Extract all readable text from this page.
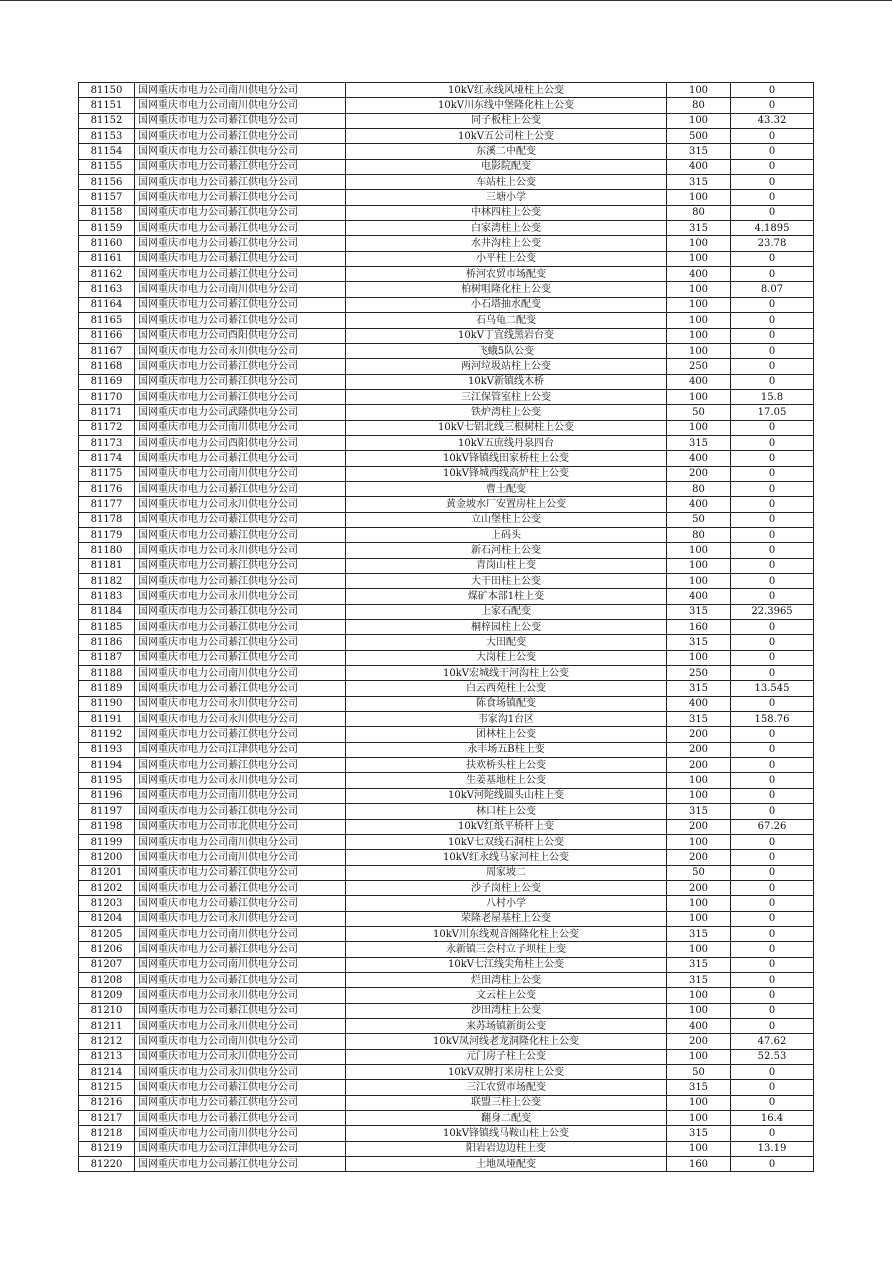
81150	国网重庆市电力公司南川供电分公司	10kV红永线风垭柱上公变	100	0
81151	国网重庆市电力公司南川供电分公司	10kV川东线中堡隆化柱上公变	80	0
81152	国网重庆市电力公司綦江供电分公司	同子板柱上公变	100	43.32
81153	国网重庆市电力公司綦江供电分公司	10kV五公司柱上公变	500	0
81154	国网重庆市电力公司綦江供电分公司	东溪二中配变	315	0
81155	国网重庆市电力公司綦江供电分公司	电影院配变	400	0
81156	国网重庆市电力公司綦江供电分公司	车站柱上公变	315	0
81157	国网重庆市电力公司綦江供电分公司	三塘小学	100	0
81158	国网重庆市电力公司綦江供电分公司	中林四柱上公变	80	0
81159	国网重庆市电力公司綦江供电分公司	白家湾柱上公变	315	4.1895
81160	国网重庆市电力公司綦江供电分公司	水井沟柱上公变	100	23.78
81161	国网重庆市电力公司綦江供电分公司	小平柱上公变	100	0
81162	国网重庆市电力公司綦江供电分公司	桥河农贸市场配变	400	0
81163	国网重庆市电力公司南川供电分公司	柏树咀隆化柱上公变	100	8.07
81164	国网重庆市电力公司綦江供电分公司	小石塔抽水配变	100	0
81165	国网重庆市电力公司綦江供电分公司	石乌龟二配变	100	0
81166	国网重庆市电力公司酉阳供电分公司	10kV丁宜线黑岩台变	100	0
81167	国网重庆市电力公司永川供电分公司	飞蛾5队公变	100	0
81168	国网重庆市电力公司綦江供电分公司	两河垃圾站柱上公变	250	0
81169	国网重庆市电力公司綦江供电分公司	10kV新镇线木桥	400	0
81170	国网重庆市电力公司綦江供电分公司	三江保管室柱上公变	100	15.8
81171	国网重庆市电力公司武隆供电分公司	铁炉湾柱上公变	50	17.05
81172	国网重庆市电力公司南川供电分公司	10kV七铝北线三根树柱上公变	100	0
81173	国网重庆市电力公司酉阳供电分公司	10kV五庶线丹泉四台	315	0
81174	国网重庆市电力公司綦江供电分公司	10kV锋镇线田家桥柱上公变	400	0
81175	国网重庆市电力公司南川供电分公司	10kV锋城西线高炉柱上公变	200	0
81176	国网重庆市电力公司綦江供电分公司	曹土配变	80	0
81177	国网重庆市电力公司永川供电分公司	黄金坡水厂安置房柱上公变	400	0
81178	国网重庆市电力公司綦江供电分公司	立山堡柱上公变	50	0
81179	国网重庆市电力公司綦江供电分公司	上码头	80	0
81180	国网重庆市电力公司永川供电分公司	新石河柱上公变	100	0
81181	国网重庆市电力公司綦江供电分公司	青岗山柱上变	100	0
81182	国网重庆市电力公司綦江供电分公司	大干田柱上公变	100	0
81183	国网重庆市电力公司永川供电分公司	煤矿本部1柱上变	400	0
81184	国网重庆市电力公司綦江供电分公司	上家石配变	315	22.3965
81185	国网重庆市电力公司綦江供电分公司	桐梓园柱上公变	160	0
81186	国网重庆市电力公司綦江供电分公司	大田配变	315	0
81187	国网重庆市电力公司綦江供电分公司	大岗柱上公变	100	0
81188	国网重庆市电力公司南川供电分公司	10kV宏城线干河沟柱上公变	250	0
81189	国网重庆市电力公司綦江供电分公司	白云西苑柱上公变	315	13.545
81190	国网重庆市电力公司永川供电分公司	陈食场镇配变	400	0
81191	国网重庆市电力公司永川供电分公司	韦家沟1台区	315	158.76
81192	国网重庆市电力公司綦江供电分公司	团林柱上公变	200	0
81193	国网重庆市电力公司江津供电分公司	永丰场五B柱上变	200	0
81194	国网重庆市电力公司綦江供电分公司	扶欢桥头柱上公变	200	0
81195	国网重庆市电力公司永川供电分公司	生姜基地柱上公变	100	0
81196	国网重庆市电力公司南川供电分公司	10kV河陀线圆头山柱上变	100	0
81197	国网重庆市电力公司綦江供电分公司	林口柱上公变	315	0
81198	国网重庆市电力公司市北供电分公司	10kV红纸平桥杆上变	200	67.26
81199	国网重庆市电力公司南川供电分公司	10kV七双线石洞柱上公变	100	0
81200	国网重庆市电力公司南川供电分公司	10kV红永线马家河柱上公变	200	0
81201	国网重庆市电力公司綦江供电分公司	周家坡二	50	0
81202	国网重庆市电力公司綦江供电分公司	沙子岗柱上公变	200	0
81203	国网重庆市电力公司綦江供电分公司	八村小学	100	0
81204	国网重庆市电力公司永川供电分公司	荣隆老屋基柱上公变	100	0
81205	国网重庆市电力公司南川供电分公司	10kV川东线观音阁隆化柱上公变	315	0
81206	国网重庆市电力公司綦江供电分公司	永新镇三会村立子坝柱上变	100	0
81207	国网重庆市电力公司南川供电分公司	10kV七江线尖角柱上公变	315	0
81208	国网重庆市电力公司綦江供电分公司	烂田湾柱上公变	315	0
81209	国网重庆市电力公司永川供电分公司	文云柱上公变	100	0
81210	国网重庆市电力公司綦江供电分公司	沙田湾柱上公变	100	0
81211	国网重庆市电力公司永川供电分公司	来苏场镇新街公变	400	0
81212	国网重庆市电力公司南川供电分公司	10kV凤河线老龙洞隆化柱上公变	200	47.62
81213	国网重庆市电力公司永川供电分公司	元门房子柱上公变	100	52.53
81214	国网重庆市电力公司永川供电分公司	10kV双牌打米房柱上公变	50	0
81215	国网重庆市电力公司綦江供电分公司	三江农贸市场配变	315	0
81216	国网重庆市电力公司綦江供电分公司	联盟三柱上公变	100	0
81217	国网重庆市电力公司綦江供电分公司	翻身二配变	100	16.4
81218	国网重庆市电力公司南川供电分公司	10kV锋镇线马鞍山柱上公变	315	0
81219	国网重庆市电力公司江津供电分公司	阳岩岩边边柱上变	100	13.19
81220	国网重庆市电力公司綦江供电分公司	土地凤垭配变	160	0
